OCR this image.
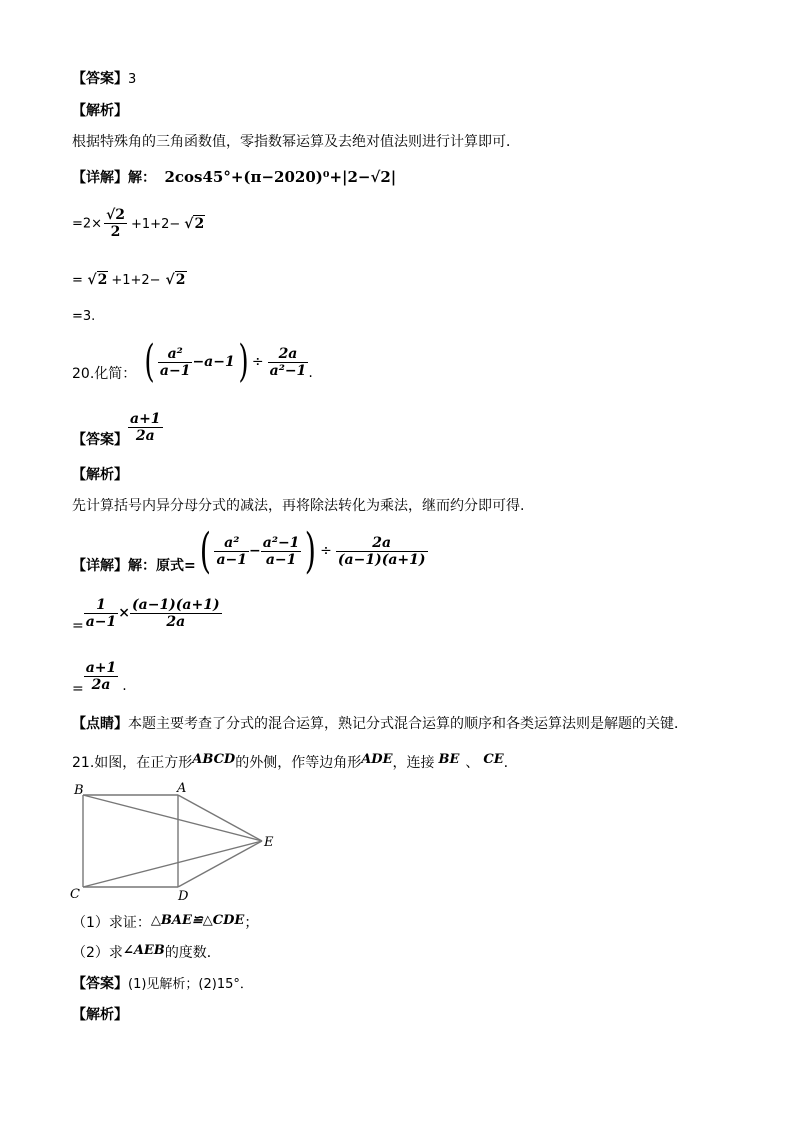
【答案】3
【解析】
根据特殊角的三角函数值，零指数幂运算及去绝对值法则进行计算即可．
【详解】解： 2cos45°+(π−2020)⁰+|2−√2|
$=2\times \frac{√2}{2} +1+2- √2$
= √2 +1+2− √2
=3.
20.化简： ( $\frac{\text{a²}}{a-1} -a-1) \div \frac{2a}{\text{a²−1}}$ .
【答案】 $\frac{a+1}{2a}$
【解析】
先计算括号内异分母分式的减法，再将除法转化为乘法，继而约分即可得.
【详解】解：原式=( $\frac{\text{a²}}{a-1} - \frac{\text{a²−1}}{a-1}$ ) ÷ $\frac{2a}{(a-1)(a+1)}$
= $\frac{1}{a-1} \times \frac{(a-1)(a+1)}{2a}$
= $\frac{a+1}{2a}$ .
【点睛】本题主要考查了分式的混合运算，熟记分式混合运算的顺序和各类运算法则是解题的关键．
21.如图，在正方形ABCD的外侧，作等边角形ADE，连接 BE 、 CE.
B	A
C	D
E
（1）求证：△BAE≌△CDE；
（2）求∠AEB的度数．
【答案】(1)见解析；(2)15°．
【解析】
